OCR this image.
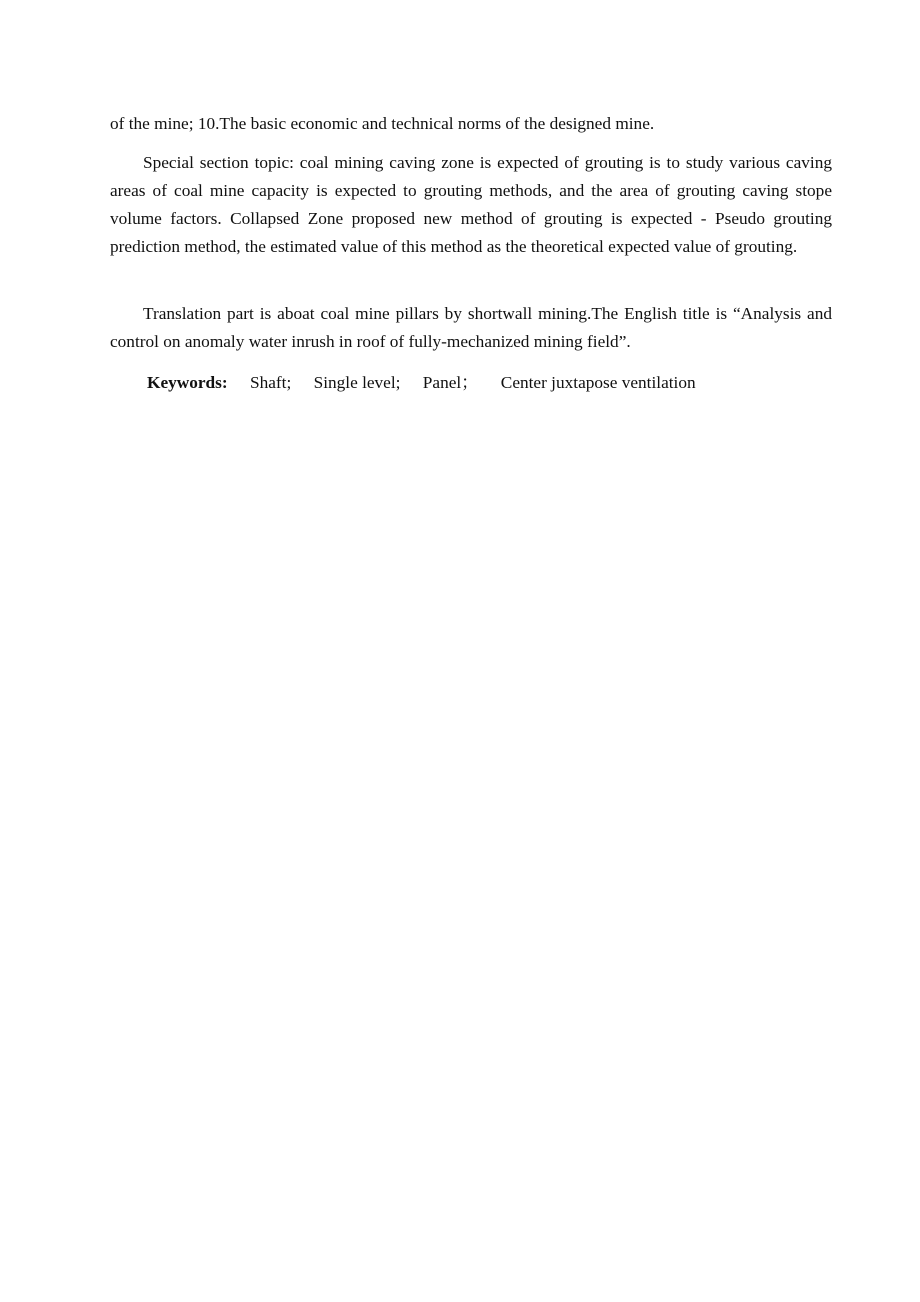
of the mine; 10.The basic economic and technical norms of the designed mine.

Special section topic: coal mining caving zone is expected of grouting is to study various caving areas of coal mine capacity is expected to grouting methods, and the area of grouting caving stope volume factors. Collapsed Zone proposed new method of grouting is expected - Pseudo grouting prediction method, the estimated value of this method as the theoretical expected value of grouting.

Translation part is aboat coal mine pillars by shortwall mining.The English title is “Analysis and control on anomaly water inrush in roof of fully-mechanized mining field”.

Keywords: Shaft; Single level; Panel； Center juxtapose ventilation
